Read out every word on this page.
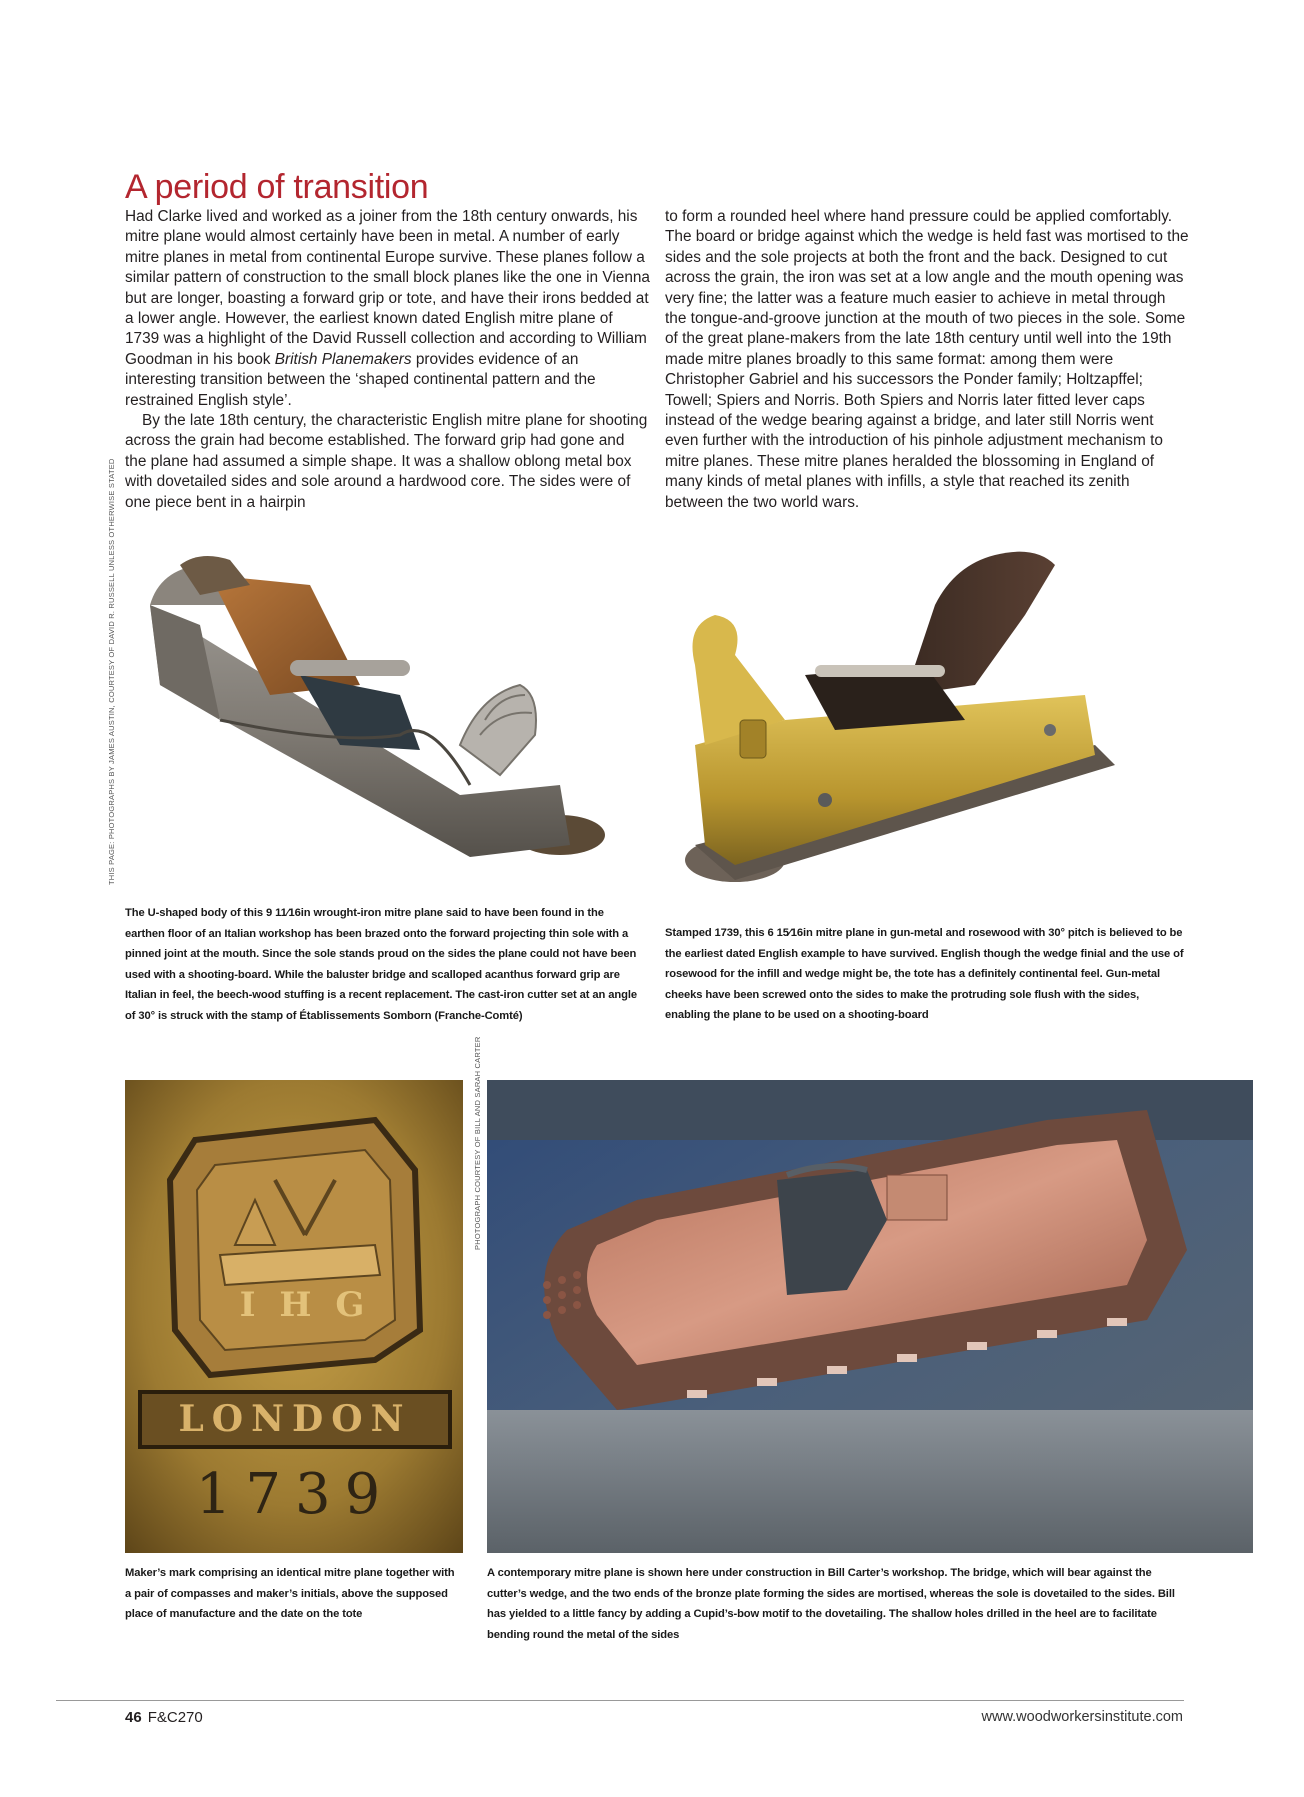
A period of transition

Had Clarke lived and worked as a joiner from the 18th century onwards, his mitre plane would almost certainly have been in metal. A number of early mitre planes in metal from continental Europe survive. These planes follow a similar pattern of construction to the small block planes like the one in Vienna but are longer, boasting a forward grip or tote, and have their irons bedded at a lower angle. However, the earliest known dated English mitre plane of 1739 was a highlight of the David Russell collection and according to William Goodman in his book British Planemakers provides evidence of an interesting transition between the ‘shaped continental pattern and the restrained English style’.

By the late 18th century, the characteristic English mitre plane for shooting across the grain had become established. The forward grip had gone and the plane had assumed a simple shape. It was a shallow oblong metal box with dovetailed sides and sole around a hardwood core. The sides were of one piece bent in a hairpin

to form a rounded heel where hand pressure could be applied comfortably. The board or bridge against which the wedge is held fast was mortised to the sides and the sole projects at both the front and the back. Designed to cut across the grain, the iron was set at a low angle and the mouth opening was very fine; the latter was a feature much easier to achieve in metal through the tongue-and-groove junction at the mouth of two pieces in the sole. Some of the great plane-makers from the late 18th century until well into the 19th made mitre planes broadly to this same format: among them were Christopher Gabriel and his successors the Ponder family; Holtzapffel; Towell; Spiers and Norris. Both Spiers and Norris later fitted lever caps instead of the wedge bearing against a bridge, and later still Norris went even further with the introduction of his pinhole adjustment mechanism to mitre planes. These mitre planes heralded the blossoming in England of many kinds of metal planes with infills, a style that reached its zenith between the two world wars.

THIS PAGE: PHOTOGRAPHS BY JAMES AUSTIN, COURTESY OF DAVID R. RUSSELL UNLESS OTHERWISE STATED
The U-shaped body of this 9 11⁄16in wrought-iron mitre plane said to have been found in the earthen floor of an Italian workshop has been brazed onto the forward projecting thin sole with a pinned joint at the mouth. Since the sole stands proud on the sides the plane could not have been used with a shooting-board. While the baluster bridge and scalloped acanthus forward grip are Italian in feel, the beech-wood stuffing is a recent replacement. The cast-iron cutter set at an angle of 30° is struck with the stamp of Établissements Somborn (Franche-Comté)
Stamped 1739, this 6 15⁄16in mitre plane in gun-metal and rosewood with 30° pitch is believed to be the earliest dated English example to have survived. English though the wedge finial and the use of rosewood for the infill and wedge might be, the tote has a definitely continental feel. Gun-metal cheeks have been screwed onto the sides to make the protruding sole flush with the sides, enabling the plane to be used on a shooting-board
I H G
LONDON
1739
PHOTOGRAPH COURTESY OF BILL AND SARAH CARTER
Maker’s mark comprising an identical mitre plane together with a pair of compasses and maker’s initials, above the supposed place of manufacture and the date on the tote
A contemporary mitre plane is shown here under construction in Bill Carter’s workshop. The bridge, which will bear against the cutter’s wedge, and the two ends of the bronze plate forming the sides are mortised, whereas the sole is dovetailed to the sides. Bill has yielded to a little fancy by adding a Cupid’s-bow motif to the dovetailing. The shallow holes drilled in the heel are to facilitate bending round the metal of the sides
46 F&C270	www.woodworkersinstitute.com
